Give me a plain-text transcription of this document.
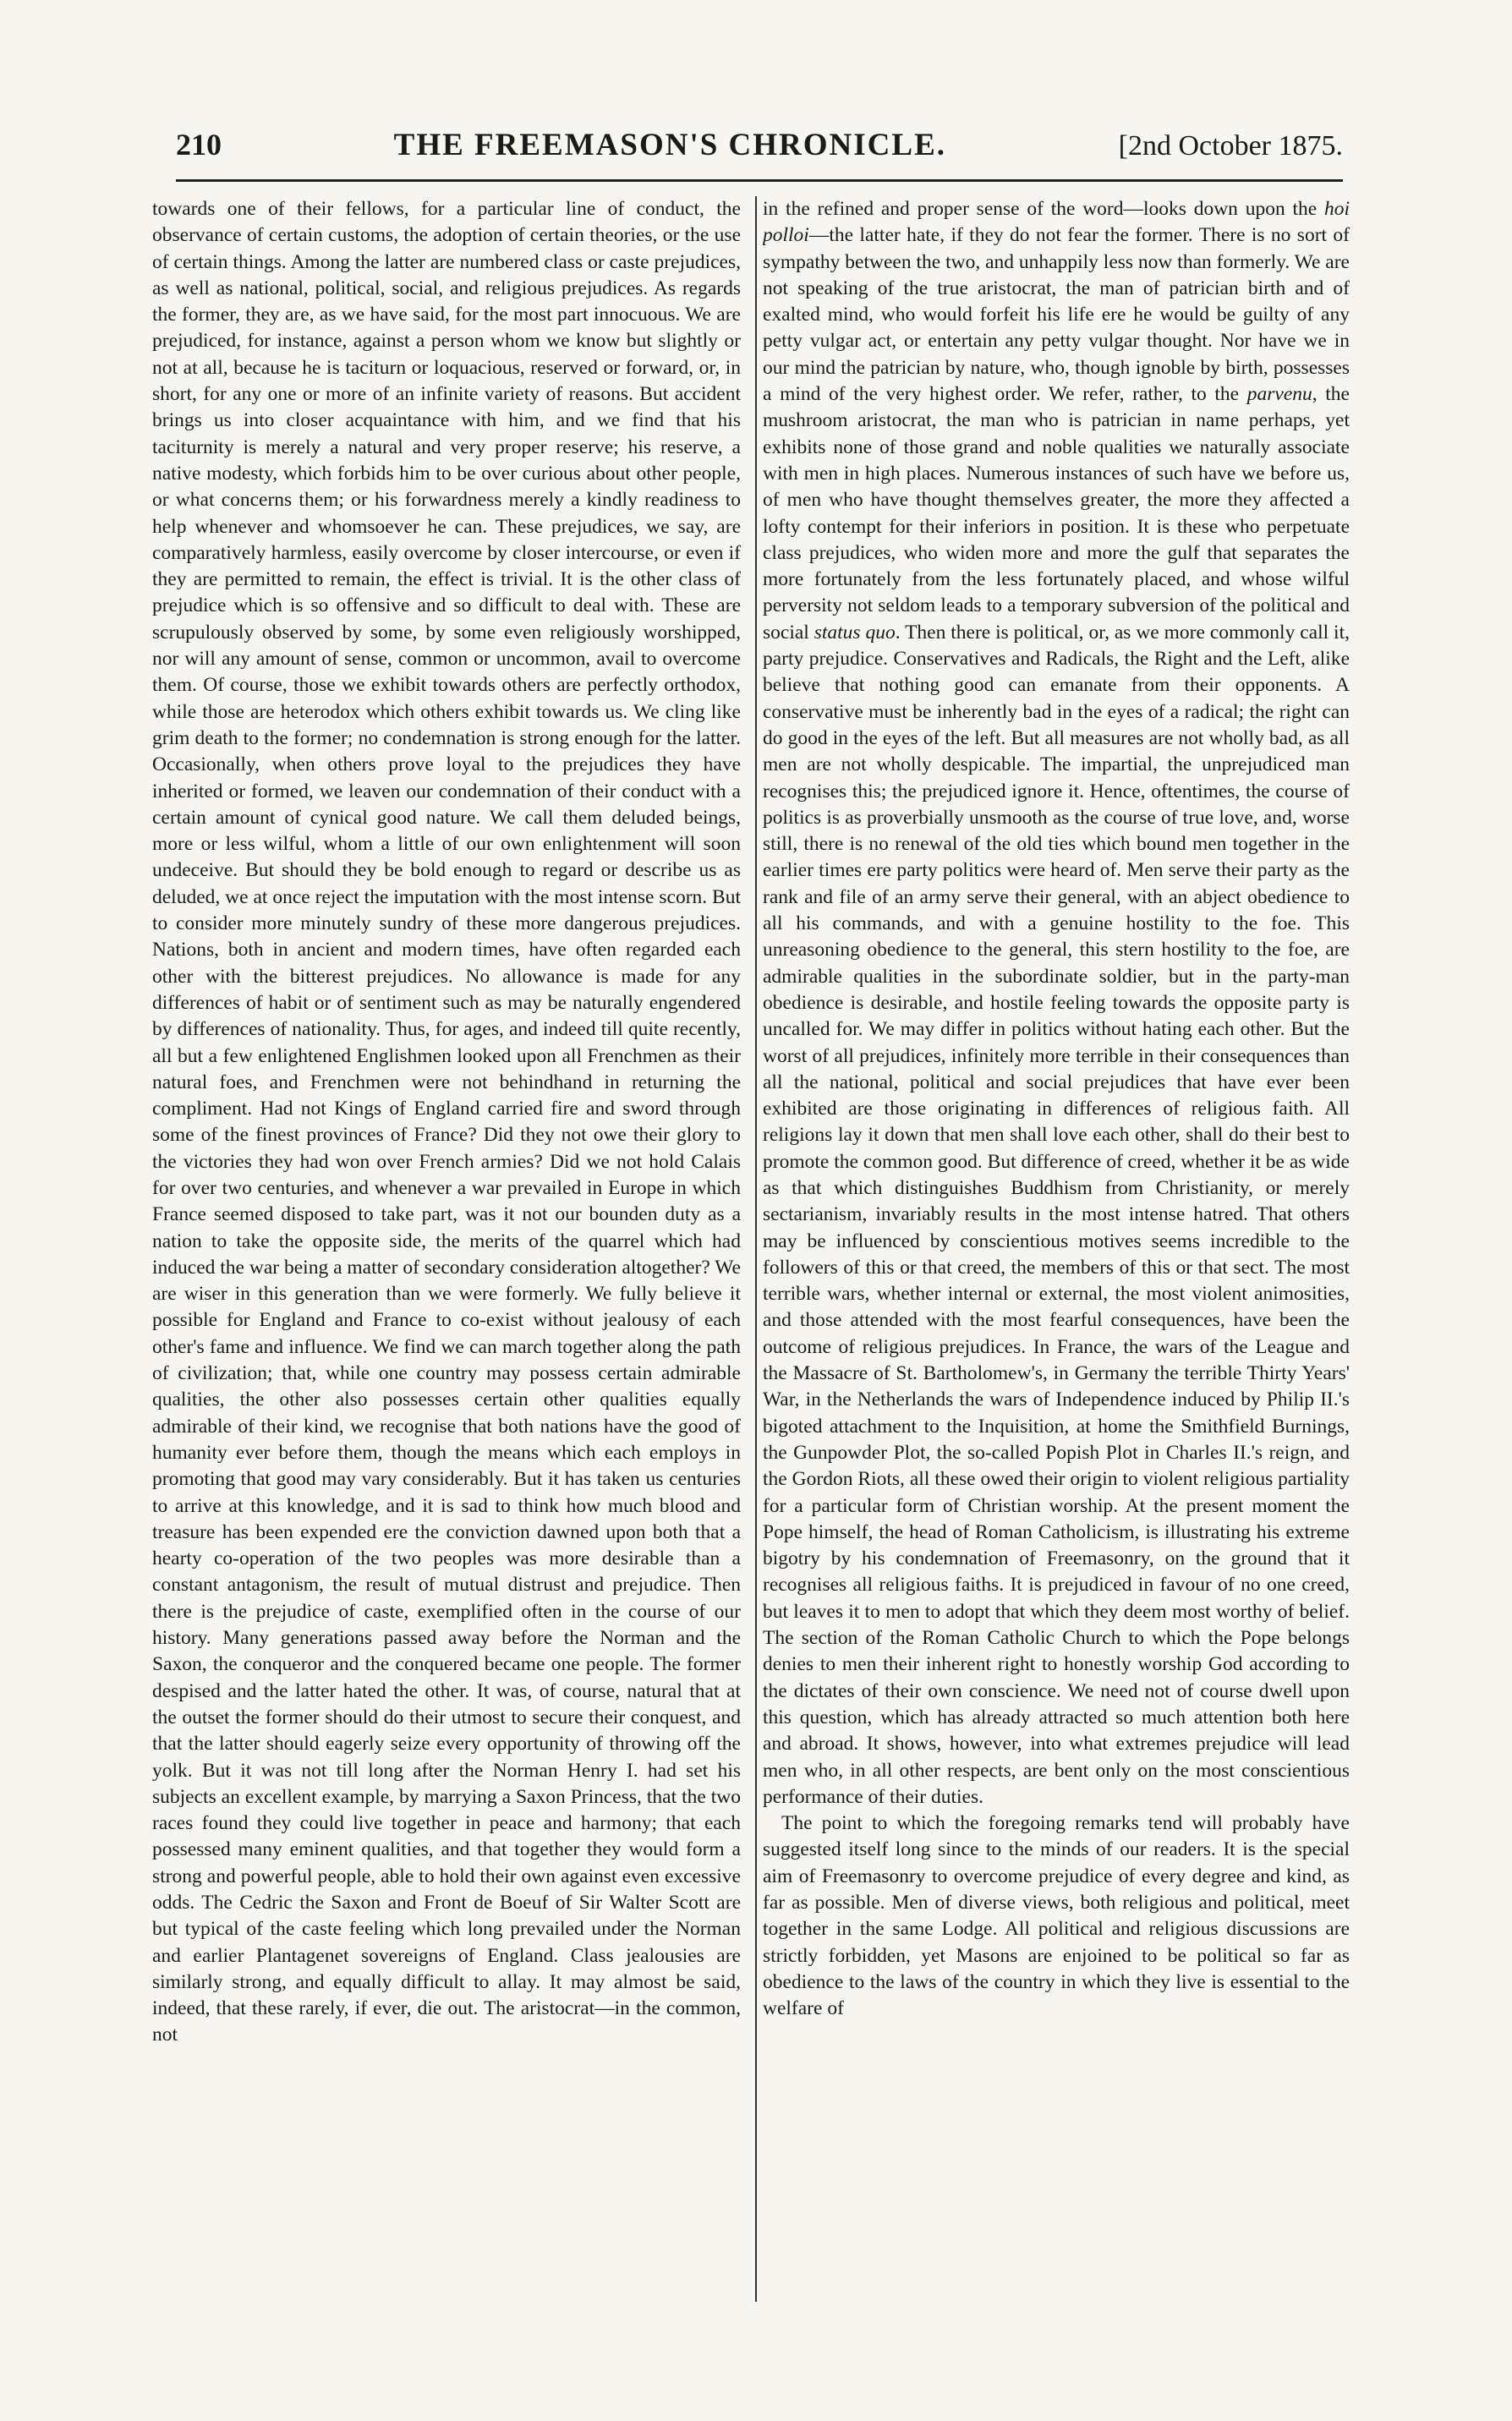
210	THE FREEMASON'S CHRONICLE.	[2nd October 1875.

towards one of their fellows, for a particular line of conduct, the observance of certain customs, the adoption of certain theories, or the use of certain things. Among the latter are numbered class or caste prejudices, as well as national, political, social, and religious prejudices. As regards the former, they are, as we have said, for the most part innocuous. We are prejudiced, for instance, against a person whom we know but slightly or not at all, because he is taciturn or loquacious, reserved or forward, or, in short, for any one or more of an infinite variety of reasons. But accident brings us into closer acquaintance with him, and we find that his taciturnity is merely a natural and very proper reserve; his reserve, a native modesty, which forbids him to be over curious about other people, or what concerns them; or his forwardness merely a kindly readiness to help whenever and whomsoever he can. These prejudices, we say, are comparatively harmless, easily overcome by closer intercourse, or even if they are permitted to remain, the effect is trivial. It is the other class of prejudice which is so offensive and so difficult to deal with. These are scrupulously observed by some, by some even religiously worshipped, nor will any amount of sense, common or uncommon, avail to overcome them. Of course, those we exhibit towards others are perfectly orthodox, while those are heterodox which others exhibit towards us. We cling like grim death to the former; no condemnation is strong enough for the latter. Occasionally, when others prove loyal to the prejudices they have inherited or formed, we leaven our condemnation of their conduct with a certain amount of cynical good nature. We call them deluded beings, more or less wilful, whom a little of our own enlightenment will soon undeceive. But should they be bold enough to regard or describe us as deluded, we at once reject the imputation with the most intense scorn. But to consider more minutely sundry of these more dangerous prejudices. Nations, both in ancient and modern times, have often regarded each other with the bitterest prejudices. No allowance is made for any differences of habit or of sentiment such as may be naturally engendered by differences of nationality. Thus, for ages, and indeed till quite recently, all but a few enlightened Englishmen looked upon all Frenchmen as their natural foes, and Frenchmen were not behindhand in returning the compliment. Had not Kings of England carried fire and sword through some of the finest provinces of France? Did they not owe their glory to the victories they had won over French armies? Did we not hold Calais for over two centuries, and whenever a war prevailed in Europe in which France seemed disposed to take part, was it not our bounden duty as a nation to take the opposite side, the merits of the quarrel which had induced the war being a matter of secondary consideration altogether? We are wiser in this generation than we were formerly. We fully believe it possible for England and France to co-exist without jealousy of each other's fame and influence. We find we can march together along the path of civilization; that, while one country may possess certain admirable qualities, the other also possesses certain other qualities equally admirable of their kind, we recognise that both nations have the good of humanity ever before them, though the means which each employs in promoting that good may vary considerably. But it has taken us centuries to arrive at this knowledge, and it is sad to think how much blood and treasure has been expended ere the conviction dawned upon both that a hearty co-operation of the two peoples was more desirable than a constant antagonism, the result of mutual distrust and prejudice. Then there is the prejudice of caste, exemplified often in the course of our history. Many generations passed away before the Norman and the Saxon, the conqueror and the conquered became one people. The former despised and the latter hated the other. It was, of course, natural that at the outset the former should do their utmost to secure their conquest, and that the latter should eagerly seize every opportunity of throwing off the yolk. But it was not till long after the Norman Henry I. had set his subjects an excellent example, by marrying a Saxon Princess, that the two races found they could live together in peace and harmony; that each possessed many eminent qualities, and that together they would form a strong and powerful people, able to hold their own against even excessive odds. The Cedric the Saxon and Front de Boeuf of Sir Walter Scott are but typical of the caste feeling which long prevailed under the Norman and earlier Plantagenet sovereigns of England. Class jealousies are similarly strong, and equally difficult to allay. It may almost be said, indeed, that these rarely, if ever, die out. The aristocrat—in the common, not

in the refined and proper sense of the word—looks down upon the hoi polloi—the latter hate, if they do not fear the former. There is no sort of sympathy between the two, and unhappily less now than formerly. We are not speaking of the true aristocrat, the man of patrician birth and of exalted mind, who would forfeit his life ere he would be guilty of any petty vulgar act, or entertain any petty vulgar thought. Nor have we in our mind the patrician by nature, who, though ignoble by birth, possesses a mind of the very highest order. We refer, rather, to the parvenu, the mushroom aristocrat, the man who is patrician in name perhaps, yet exhibits none of those grand and noble qualities we naturally associate with men in high places. Numerous instances of such have we before us, of men who have thought themselves greater, the more they affected a lofty contempt for their inferiors in position. It is these who perpetuate class prejudices, who widen more and more the gulf that separates the more fortunately from the less fortunately placed, and whose wilful perversity not seldom leads to a temporary subversion of the political and social status quo. Then there is political, or, as we more commonly call it, party prejudice. Conservatives and Radicals, the Right and the Left, alike believe that nothing good can emanate from their opponents. A conservative must be inherently bad in the eyes of a radical; the right can do good in the eyes of the left. But all measures are not wholly bad, as all men are not wholly despicable. The impartial, the unprejudiced man recognises this; the prejudiced ignore it. Hence, oftentimes, the course of politics is as proverbially unsmooth as the course of true love, and, worse still, there is no renewal of the old ties which bound men together in the earlier times ere party politics were heard of. Men serve their party as the rank and file of an army serve their general, with an abject obedience to all his commands, and with a genuine hostility to the foe. This unreasoning obedience to the general, this stern hostility to the foe, are admirable qualities in the subordinate soldier, but in the party-man obedience is desirable, and hostile feeling towards the opposite party is uncalled for. We may differ in politics without hating each other. But the worst of all prejudices, infinitely more terrible in their consequences than all the national, political and social prejudices that have ever been exhibited are those originating in differences of religious faith. All religions lay it down that men shall love each other, shall do their best to promote the common good. But difference of creed, whether it be as wide as that which distinguishes Buddhism from Christianity, or merely sectarianism, invariably results in the most intense hatred. That others may be influenced by conscientious motives seems incredible to the followers of this or that creed, the members of this or that sect. The most terrible wars, whether internal or external, the most violent animosities, and those attended with the most fearful consequences, have been the outcome of religious prejudices. In France, the wars of the League and the Massacre of St. Bartholomew's, in Germany the terrible Thirty Years' War, in the Netherlands the wars of Independence induced by Philip II.'s bigoted attachment to the Inquisition, at home the Smithfield Burnings, the Gunpowder Plot, the so-called Popish Plot in Charles II.'s reign, and the Gordon Riots, all these owed their origin to violent religious partiality for a particular form of Christian worship. At the present moment the Pope himself, the head of Roman Catholicism, is illustrating his extreme bigotry by his condemnation of Freemasonry, on the ground that it recognises all religious faiths. It is prejudiced in favour of no one creed, but leaves it to men to adopt that which they deem most worthy of belief. The section of the Roman Catholic Church to which the Pope belongs denies to men their inherent right to honestly worship God according to the dictates of their own conscience. We need not of course dwell upon this question, which has already attracted so much attention both here and abroad. It shows, however, into what extremes prejudice will lead men who, in all other respects, are bent only on the most conscientious performance of their duties.

The point to which the foregoing remarks tend will probably have suggested itself long since to the minds of our readers. It is the special aim of Freemasonry to overcome prejudice of every degree and kind, as far as possible. Men of diverse views, both religious and political, meet together in the same Lodge. All political and religious discussions are strictly forbidden, yet Masons are enjoined to be political so far as obedience to the laws of the country in which they live is essential to the welfare of
